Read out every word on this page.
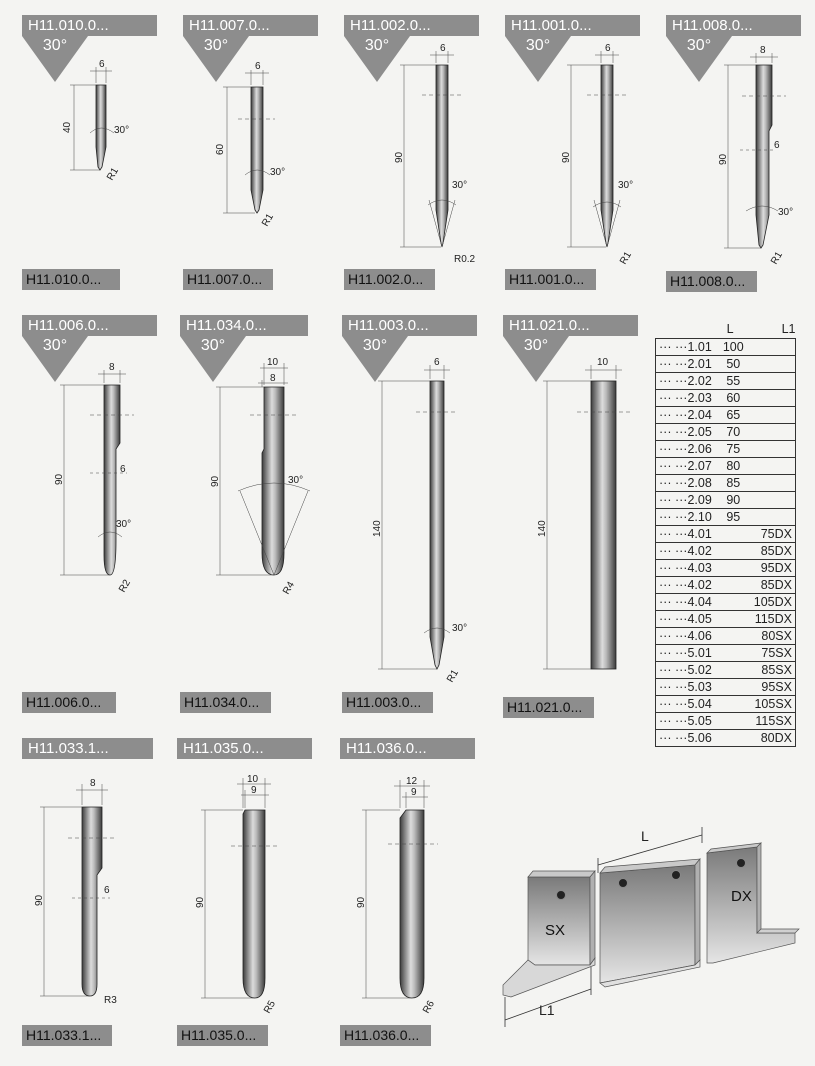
H11.010.0...
30°
6
40	30°
R1
H11.010.0...
H11.007.0...
30°
6
60
30°
R1
H11.007.0...
H11.002.0...
30°	6
90
30°
R0.2
H11.002.0...
H11.001.0...
30°	6
90
30°
R1
H11.001.0...
H11.008.0...
30°	8
6
90
30°
R1
H11.008.0...
H11.006.0...
30°
8
6
90
30°
R2
H11.006.0...
H11.034.0...
30°
10
8
90	30°
R4
H11.034.0...
H11.003.0...
30°
6
140
30°
R1
H11.003.0...
H11.021.0...
30°
10
140
H11.021.0...
H11.033.1...
8
6
90
R3
H11.033.1...
H11.035.0...
10
9
90
R5
H11.035.0...
H11.036.0...
12
9
90
R6
H11.036.0...
	L	L1
··· ···1.01	100	
··· ···2.01	50	
··· ···2.02	55	
··· ···2.03	60	
··· ···2.04	65	
··· ···2.05	70	
··· ···2.06	75	
··· ···2.07	80	
··· ···2.08	85	
··· ···2.09	90	
··· ···2.10	95	
··· ···4.01		75DX
··· ···4.02		85DX
··· ···4.03		95DX
··· ···4.02		85DX
··· ···4.04		105DX
··· ···4.05		115DX
··· ···4.06		80SX
··· ···5.01		75SX
··· ···5.02		85SX
··· ···5.03		95SX
··· ···5.04		105SX
··· ···5.05		115SX
··· ···5.06		80DX
L
SX
DX
L1
